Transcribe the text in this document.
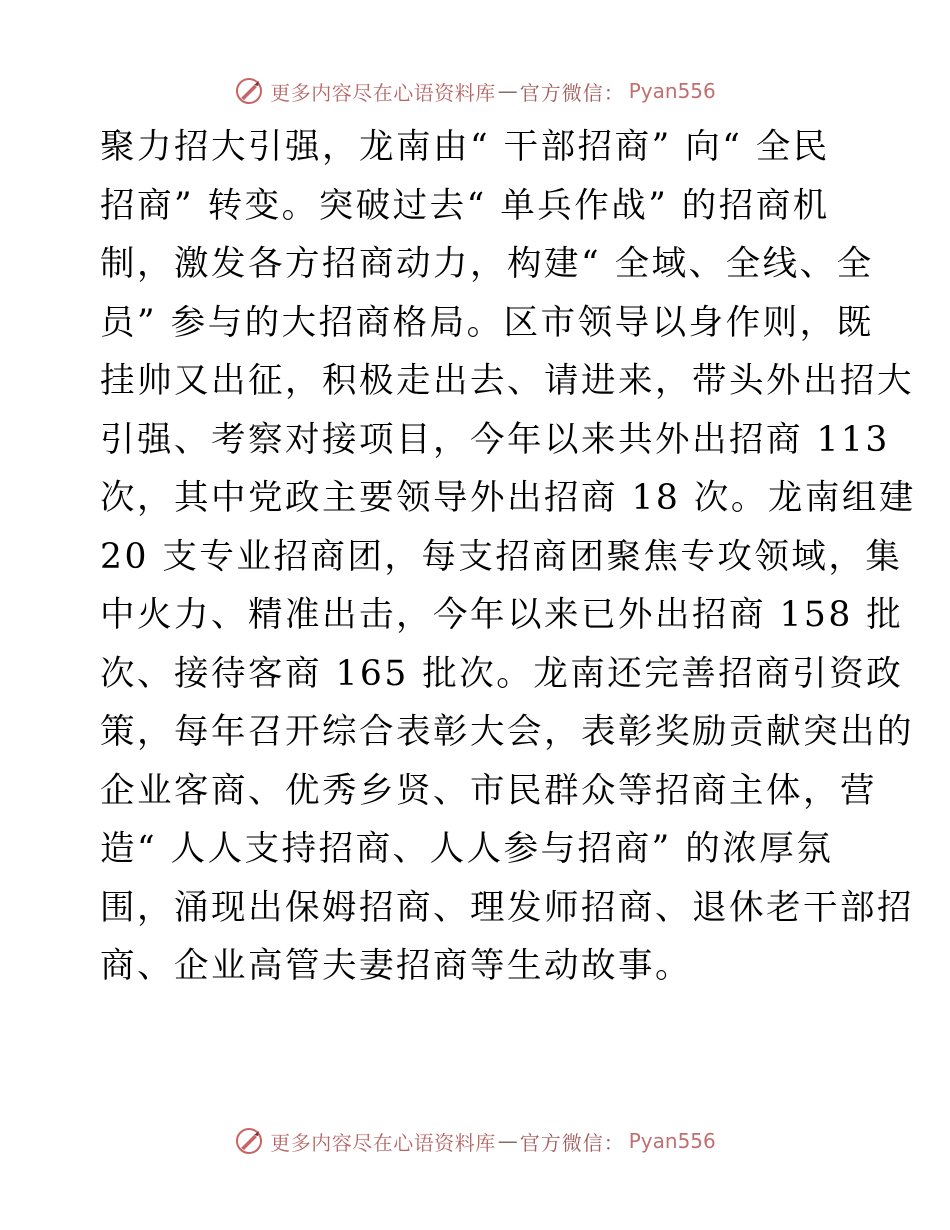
更多内容尽在心语资料库 — 官方微信： Pyan556
聚力招大引强，龙南由“ 干部招商” 向“ 全民
招商” 转变。突破过去“ 单兵作战” 的招商机
制，激发各方招商动力，构建“ 全域、全线、全
员” 参与的大招商格局。区市领导以身作则，既
挂帅又出征，积极走出去、请进来，带头外出招大
引强、考察对接项目，今年以来共外出招商 113
次，其中党政主要领导外出招商 18 次。龙南组建
20 支专业招商团，每支招商团聚焦专攻领域，集
中火力、精准出击，今年以来已外出招商 158 批
次、接待客商 165 批次。龙南还完善招商引资政
策，每年召开综合表彰大会，表彰奖励贡献突出的
企业客商、优秀乡贤、市民群众等招商主体，营
造“ 人人支持招商、人人参与招商” 的浓厚氛
围，涌现出保姆招商、理发师招商、退休老干部招
商、企业高管夫妻招商等生动故事。
更多内容尽在心语资料库 — 官方微信： Pyan556
